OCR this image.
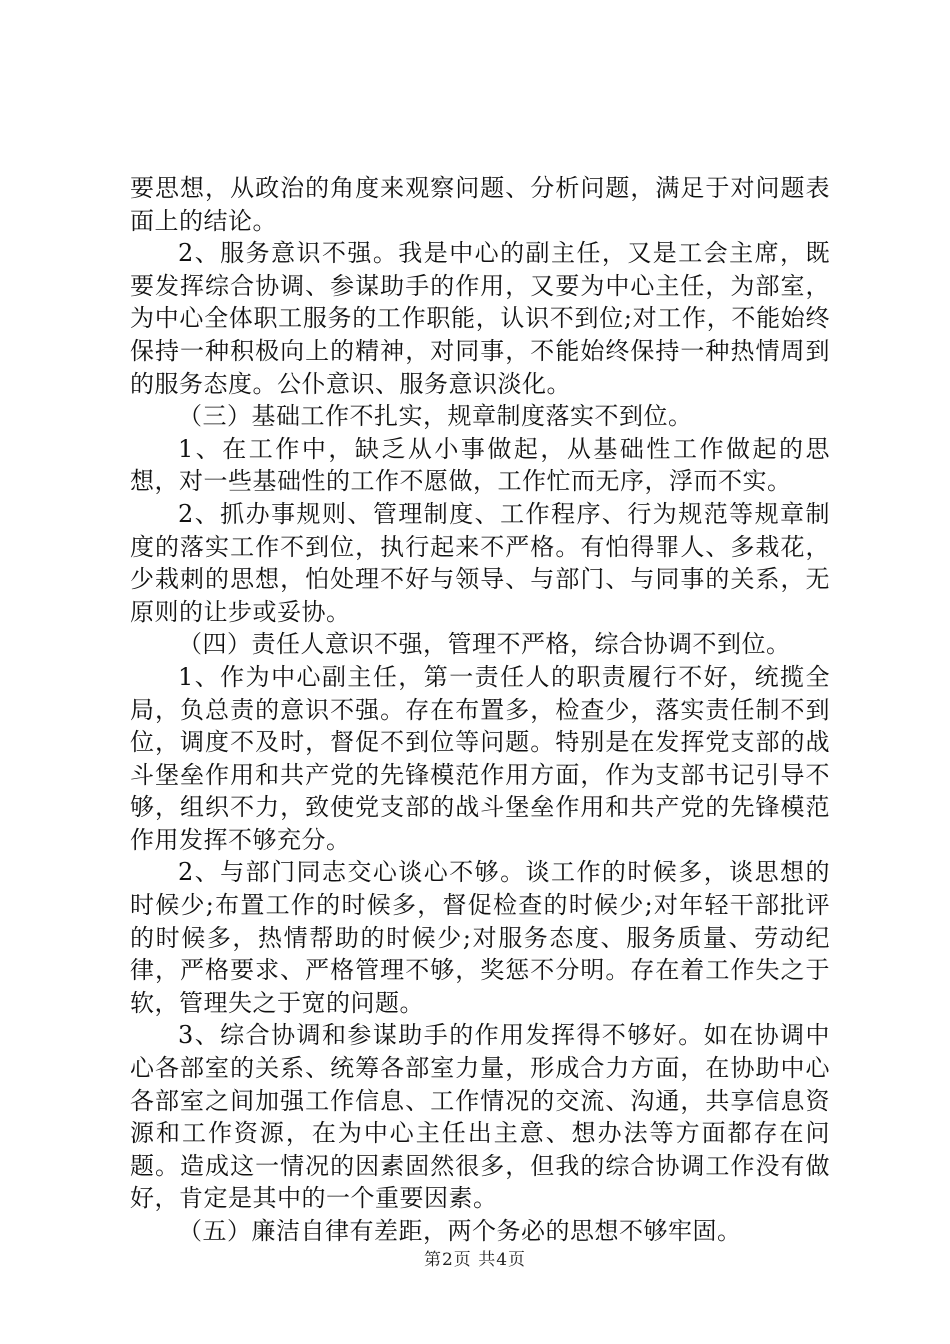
要思想，从政治的角度来观察问题、分析问题，满足于对问题表面上的结论。

2、服务意识不强。我是中心的副主任，又是工会主席，既要发挥综合协调、参谋助手的作用，又要为中心主任，为部室，为中心全体职工服务的工作职能，认识不到位;对工作，不能始终保持一种积极向上的精神，对同事，不能始终保持一种热情周到的服务态度。公仆意识、服务意识淡化。

（三）基础工作不扎实，规章制度落实不到位。

1、在工作中，缺乏从小事做起，从基础性工作做起的思想，对一些基础性的工作不愿做，工作忙而无序，浮而不实。

2、抓办事规则、管理制度、工作程序、行为规范等规章制度的落实工作不到位，执行起来不严格。有怕得罪人、多栽花，少栽刺的思想，怕处理不好与领导、与部门、与同事的关系，无原则的让步或妥协。

（四）责任人意识不强，管理不严格，综合协调不到位。

1、作为中心副主任，第一责任人的职责履行不好，统揽全局，负总责的意识不强。存在布置多，检查少，落实责任制不到位，调度不及时，督促不到位等问题。特别是在发挥党支部的战斗堡垒作用和共产党的先锋模范作用方面，作为支部书记引导不够，组织不力，致使党支部的战斗堡垒作用和共产党的先锋模范作用发挥不够充分。

2、与部门同志交心谈心不够。谈工作的时候多，谈思想的时候少;布置工作的时候多，督促检查的时候少;对年轻干部批评的时候多，热情帮助的时候少;对服务态度、服务质量、劳动纪律，严格要求、严格管理不够，奖惩不分明。存在着工作失之于软，管理失之于宽的问题。

3、综合协调和参谋助手的作用发挥得不够好。如在协调中心各部室的关系、统筹各部室力量，形成合力方面，在协助中心各部室之间加强工作信息、工作情况的交流、沟通，共享信息资源和工作资源，在为中心主任出主意、想办法等方面都存在问题。造成这一情况的因素固然很多，但我的综合协调工作没有做好，肯定是其中的一个重要因素。

（五）廉洁自律有差距，两个务必的思想不够牢固。

第2页 共4页
